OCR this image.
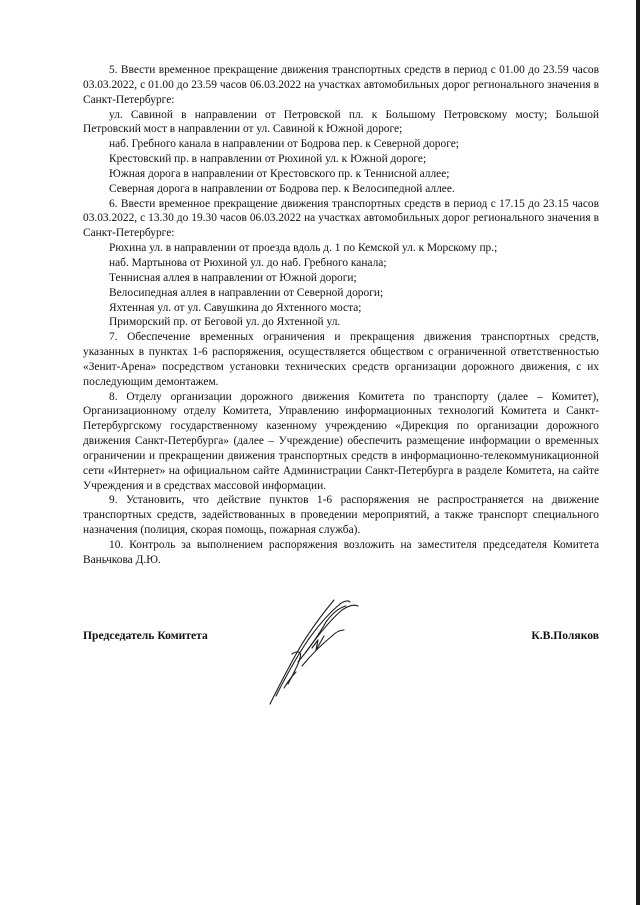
5. Ввести временное прекращение движения транспортных средств в период с 01.00 до 23.59 часов 03.03.2022, с 01.00 до 23.59 часов 06.03.2022 на участках автомобильных дорог регионального значения в Санкт-Петербурге:

ул. Савиной в направлении от Петровской пл. к Большому Петровскому мосту; Большой Петровский мост в направлении от ул. Савиной к Южной дороге;

наб. Гребного канала в направлении от Бодрова пер. к Северной дороге;

Крестовский пр. в направлении от Рюхиной ул. к Южной дороге;

Южная дорога в направлении от Крестовского пр. к Теннисной аллее;

Северная дорога в направлении от Бодрова пер. к Велосипедной аллее.

6. Ввести временное прекращение движения транспортных средств в период с 17.15 до 23.15 часов 03.03.2022, с 13.30 до 19.30 часов 06.03.2022 на участках автомобильных дорог регионального значения в Санкт-Петербурге:

Рюхина ул. в направлении от проезда вдоль д. 1 по Кемской ул. к Морскому пр.;

наб. Мартынова от Рюхиной ул. до наб. Гребного канала;

Теннисная аллея в направлении от Южной дороги;

Велосипедная аллея в направлении от Северной дороги;

Яхтенная ул. от ул. Савушкина до Яхтенного моста;

Приморский пр. от Беговой ул. до Яхтенной ул.

7. Обеспечение временных ограничения и прекращения движения транспортных средств, указанных в пунктах 1-6 распоряжения, осуществляется обществом с ограниченной ответственностью «Зенит-Арена» посредством установки технических средств организации дорожного движения, с их последующим демонтажем.

8. Отделу организации дорожного движения Комитета по транспорту (далее – Комитет), Организационному отделу Комитета, Управлению информационных технологий Комитета и Санкт-Петербургскому государственному казенному учреждению «Дирекция по организации дорожного движения Санкт-Петербурга» (далее – Учреждение) обеспечить размещение информации о временных ограничении и прекращении движения транспортных средств в информационно-телекоммуникационной сети «Интернет» на официальном сайте Администрации Санкт-Петербурга в разделе Комитета, на сайте Учреждения и в средствах массовой информации.

9. Установить, что действие пунктов 1-6 распоряжения не распространяется на движение транспортных средств, задействованных в проведении мероприятий, а также транспорт специального назначения (полиция, скорая помощь, пожарная служба).

10. Контроль за выполнением распоряжения возложить на заместителя председателя Комитета Ваньчкова Д.Ю.

Председатель Комитета	К.В.Поляков
